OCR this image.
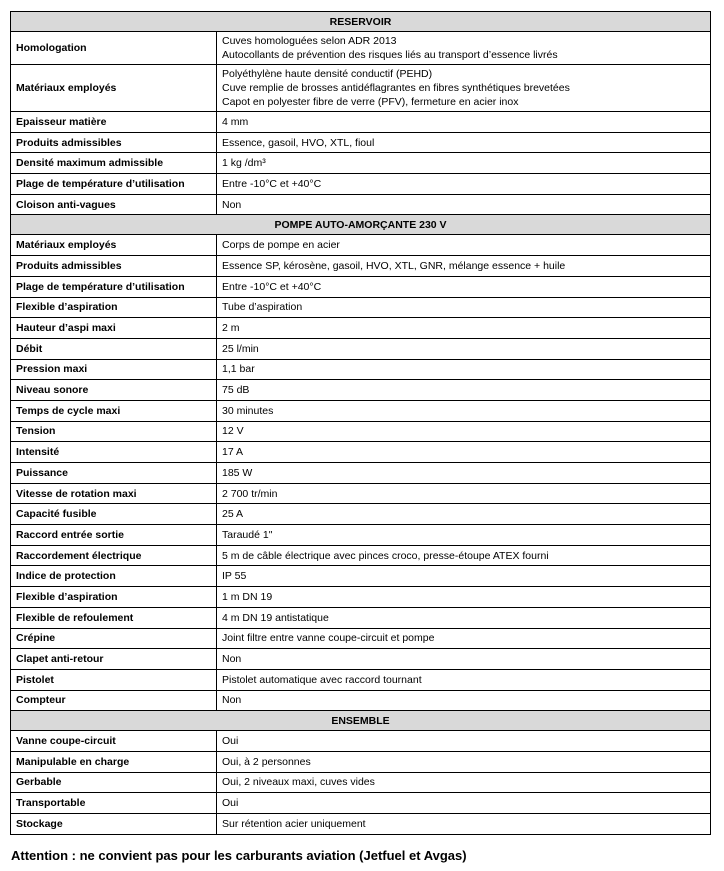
RESERVOIR	
Homologation	Cuves homologuées selon ADR 2013
Autocollants de prévention des risques liés au transport d’essence livrés

Matériaux employés	Polyéthylène haute densité conductif (PEHD)
Cuve remplie de brosses antidéflagrantes en fibres synthétiques brevetées
Capot en polyester fibre de verre (PFV), fermeture en acier inox

Epaisseur matière	4 mm

Produits admissibles	Essence, gasoil, HVO, XTL, fioul

Densité maximum admissible	1 kg /dm³

Plage de température d’utilisation	Entre -10°C et +40°C

Cloison anti-vagues	Non

POMPE AUTO-AMORÇANTE 230 V	
Matériaux employés	Corps de pompe en acier

Produits admissibles	Essence SP, kérosène, gasoil, HVO, XTL, GNR, mélange essence + huile

Plage de température d’utilisation	Entre -10°C et +40°C

Flexible d’aspiration	Tube d’aspiration

Hauteur d’aspi maxi	2 m

Débit	25 l/min

Pression maxi	1,1 bar

Niveau sonore	75 dB

Temps de cycle maxi	30 minutes

Tension	12 V

Intensité	17 A

Puissance	185 W

Vitesse de rotation maxi	2 700 tr/min

Capacité fusible	25 A

Raccord entrée sortie	Taraudé 1"

Raccordement électrique	5 m de câble électrique avec pinces croco, presse-étoupe ATEX fourni

Indice de protection	IP 55

Flexible d’aspiration	1 m DN 19

Flexible de refoulement	4 m DN 19 antistatique

Crépine	Joint filtre entre vanne coupe-circuit et pompe

Clapet anti-retour	Non

Pistolet	Pistolet automatique avec raccord tournant

Compteur	Non

ENSEMBLE	
Vanne coupe-circuit	Oui

Manipulable en charge	Oui, à 2 personnes

Gerbable	Oui, 2 niveaux maxi, cuves vides

Transportable	Oui

Stockage	Sur rétention acier uniquement
Attention : ne convient pas pour les carburants aviation (Jetfuel et Avgas)
